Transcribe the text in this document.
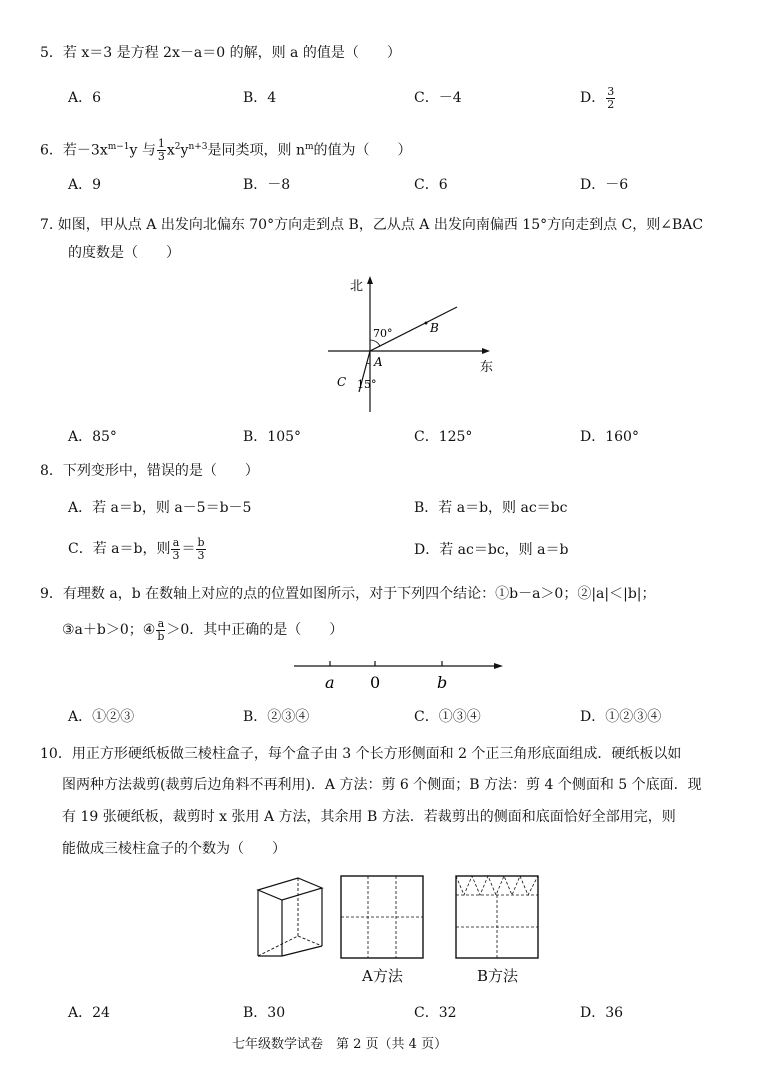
5．若 x＝3 是方程 2x－a＝0 的解，则 a 的值是（　　）
A．6	B．4	C．－4	D． $\frac{3}{2}$
6．若$-3x^{m-1}y$ 与 $\frac{1}{3} x^2y^{n+3}$是同类项，则 $n^m$的值为（　　）
A．9	B．－8	C．6	D．－6
7. 如图，甲从点 A 出发向北偏东 70°方向走到点 B，乙从点 A 出发向南偏西 15°方向走到点 C，则∠BAC
的度数是（　　）
北
东
70°
15°
A
B
C
A．85°	B．105°	C．125°	D．160°
8．下列变形中，错误的是（　　）
A．若 a＝b，则 a－5＝b－5	B．若 a＝b，则 ac＝bc
C．若 a＝b，则 $\frac{a}{3} = \frac{b}{3}$	D．若 ac＝bc，则 a＝b
9．有理数 a，b 在数轴上对应的点的位置如图所示，对于下列四个结论：①b－a＞0；②|a|＜|b|；
③a＋b＞0；④ $\frac{a}{b} >0$．其中正确的是（　　）
a 0	b
A．①②③	B．②③④	C．①③④	D．①②③④
10．用正方形硬纸板做三棱柱盒子，每个盒子由 3 个长方形侧面和 2 个正三角形底面组成．硬纸板以如
图两种方法裁剪(裁剪后边角料不再利用)．A 方法：剪 6 个侧面；B 方法：剪 4 个侧面和 5 个底面．现
有 19 张硬纸板，裁剪时 x 张用 A 方法，其余用 B 方法．若裁剪出的侧面和底面恰好全部用完，则
能做成三棱柱盒子的个数为（　　）
A方法	B方法
A．24	B．30	C．32	D．36
七年级数学试卷　第 2 页（共 4 页）
